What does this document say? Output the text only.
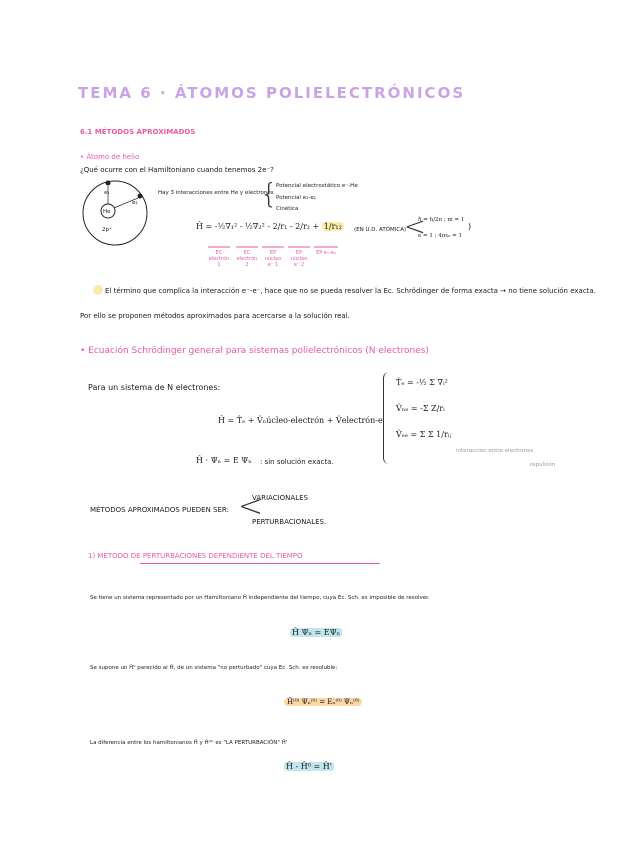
TEMA 6 · ÁTOMOS POLIELECTRÓNICOS
6.1 MÉTODOS APROXIMADOS
• Átomo de helio
¿Qué ocurre con el Hamiltoniano cuando tenemos 2e⁻?
e₁
e₂
He
2p⁺
Hay 3 interacciones entre He y electrones
{
Potencial electrostático e⁻-He
Potencial e₁-e₂
Cinética
Ĥ = -½∇₁² - ½∇₂² - 2/r₁ - 2/r₂ + 1/r₁₂
EC electrón 1
EC electrón 2
EP núcleo e⁻ 1
EP núcleo e⁻ 2
EP e₁-e₂
(EN U.D. ATÓMICA)
<
ℏ = h/2π ; m = 1
e = 1 ; 4πε₀ = 1
)
El término que complica la interacción e⁻-e⁻, hace que no se pueda resolver la Ec. Schrödinger de forma exacta → no tiene solución exacta.
Por ello se proponen métodos aproximados para acercarse a la solución real.
• Ecuación Schrödinger general para sistemas polielectrónicos (N electrones)
Para un sistema de N electrones:
Ĥ = T̂ₑ + V̂ₙúcleo-electrón + V̂electrón-e
Ĥ · Ψₙ = E Ψₙ : sin solución exacta.
T̂ₑ = -½ Σ ∇ᵢ²
V̂ₙₑ = -Σ Z/rᵢ
V̂ₑₑ = Σ Σ 1/rᵢⱼ
interacción entre electrones
repulsión
MÉTODOS APROXIMADOS PUEDEN SER: <
VARIACIONALES
PERTURBACIONALES.
1) MÉTODO DE PERTURBACIONES DEPENDIENTE DEL TIEMPO
Se tiene un sistema representado por un Hamiltoniano Ĥ independiente del tiempo, cuya Ec. Sch. es imposible de resolver.
Ĥ Ψₙ = EΨₙ
Se supone un Ĥ⁰ parecido al Ĥ, de un sistema "no perturbado" cuya Ec. Sch. es resoluble:
Ĥ⁽⁰⁾ Ψₙ⁽⁰⁾ = Eₙ⁽⁰⁾ Ψₙ⁽⁰⁾
La diferencia entre los hamiltonianos Ĥ y Ĥ⁽⁰⁾ es "LA PERTURBACIÓN" Ĥ'
Ĥ - Ĥ⁰ = Ĥ'
